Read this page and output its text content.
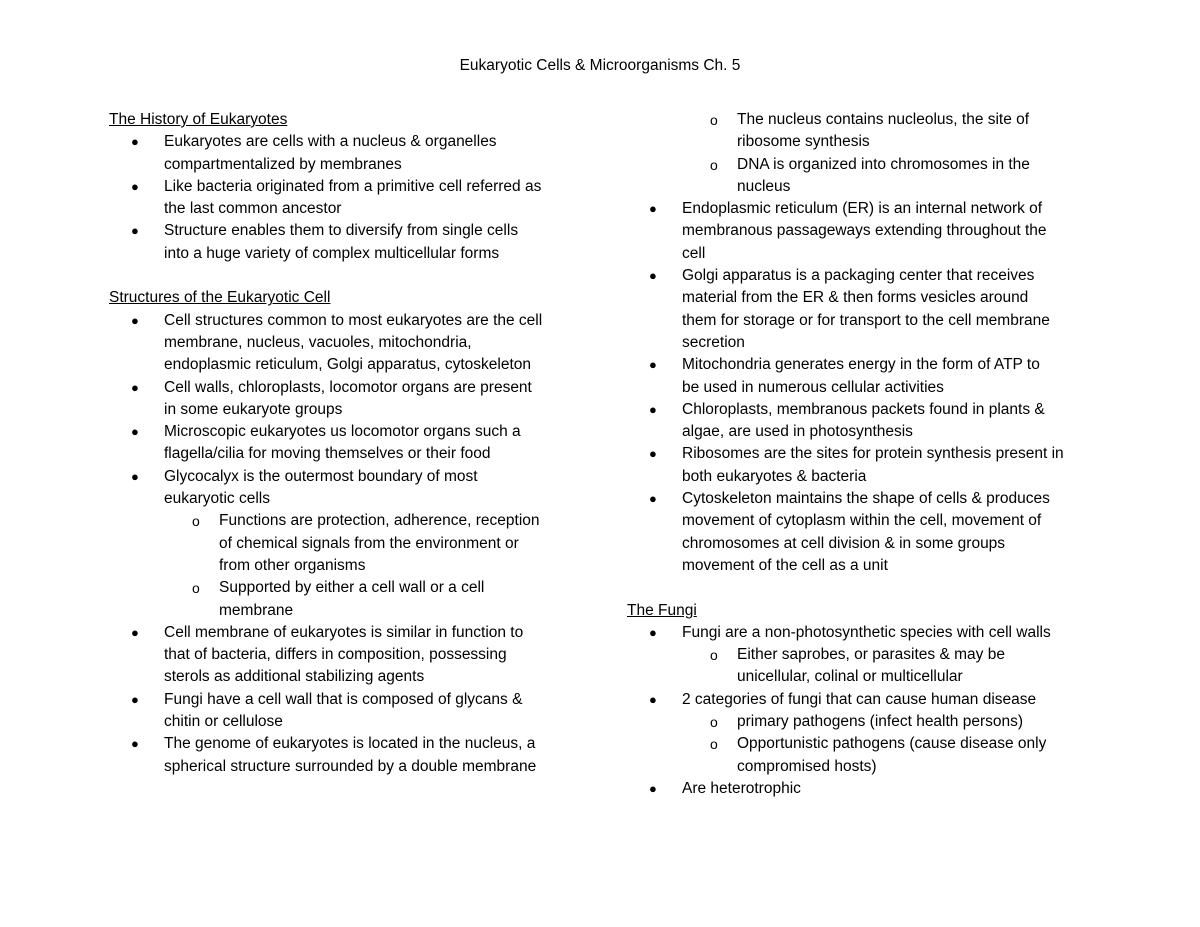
Eukaryotic Cells & Microorganisms Ch. 5
The History of Eukaryotes
● Eukaryotes are cells with a nucleus & organelles
compartmentalized by membranes
● Like bacteria originated from a primitive cell referred as
the last common ancestor
● Structure enables them to diversify from single cells
into a huge variety of complex multicellular forms
Structures of the Eukaryotic Cell
● Cell structures common to most eukaryotes are the cell
membrane, nucleus, vacuoles, mitochondria,
endoplasmic reticulum, Golgi apparatus, cytoskeleton
● Cell walls, chloroplasts, locomotor organs are present
in some eukaryote groups
● Microscopic eukaryotes us locomotor organs such a
flagella/cilia for moving themselves or their food
● Glycocalyx is the outermost boundary of most
eukaryotic cells
o Functions are protection, adherence, reception
of chemical signals from the environment or
from other organisms
o Supported by either a cell wall or a cell
membrane
● Cell membrane of eukaryotes is similar in function to
that of bacteria, differs in composition, possessing
sterols as additional stabilizing agents
● Fungi have a cell wall that is composed of glycans &
chitin or cellulose
● The genome of eukaryotes is located in the nucleus, a
spherical structure surrounded by a double membrane
o The nucleus contains nucleolus, the site of
ribosome synthesis
o DNA is organized into chromosomes in the
nucleus
● Endoplasmic reticulum (ER) is an internal network of
membranous passageways extending throughout the
cell
● Golgi apparatus is a packaging center that receives
material from the ER & then forms vesicles around
them for storage or for transport to the cell membrane
secretion
● Mitochondria generates energy in the form of ATP to
be used in numerous cellular activities
● Chloroplasts, membranous packets found in plants &
algae, are used in photosynthesis
● Ribosomes are the sites for protein synthesis present in
both eukaryotes & bacteria
● Cytoskeleton maintains the shape of cells & produces
movement of cytoplasm within the cell, movement of
chromosomes at cell division & in some groups
movement of the cell as a unit
The Fungi
● Fungi are a non-photosynthetic species with cell walls
o Either saprobes, or parasites & may be
unicellular, colinal or multicellular
● 2 categories of fungi that can cause human disease
o primary pathogens (infect health persons)
o Opportunistic pathogens (cause disease only
compromised hosts)
● Are heterotrophic
